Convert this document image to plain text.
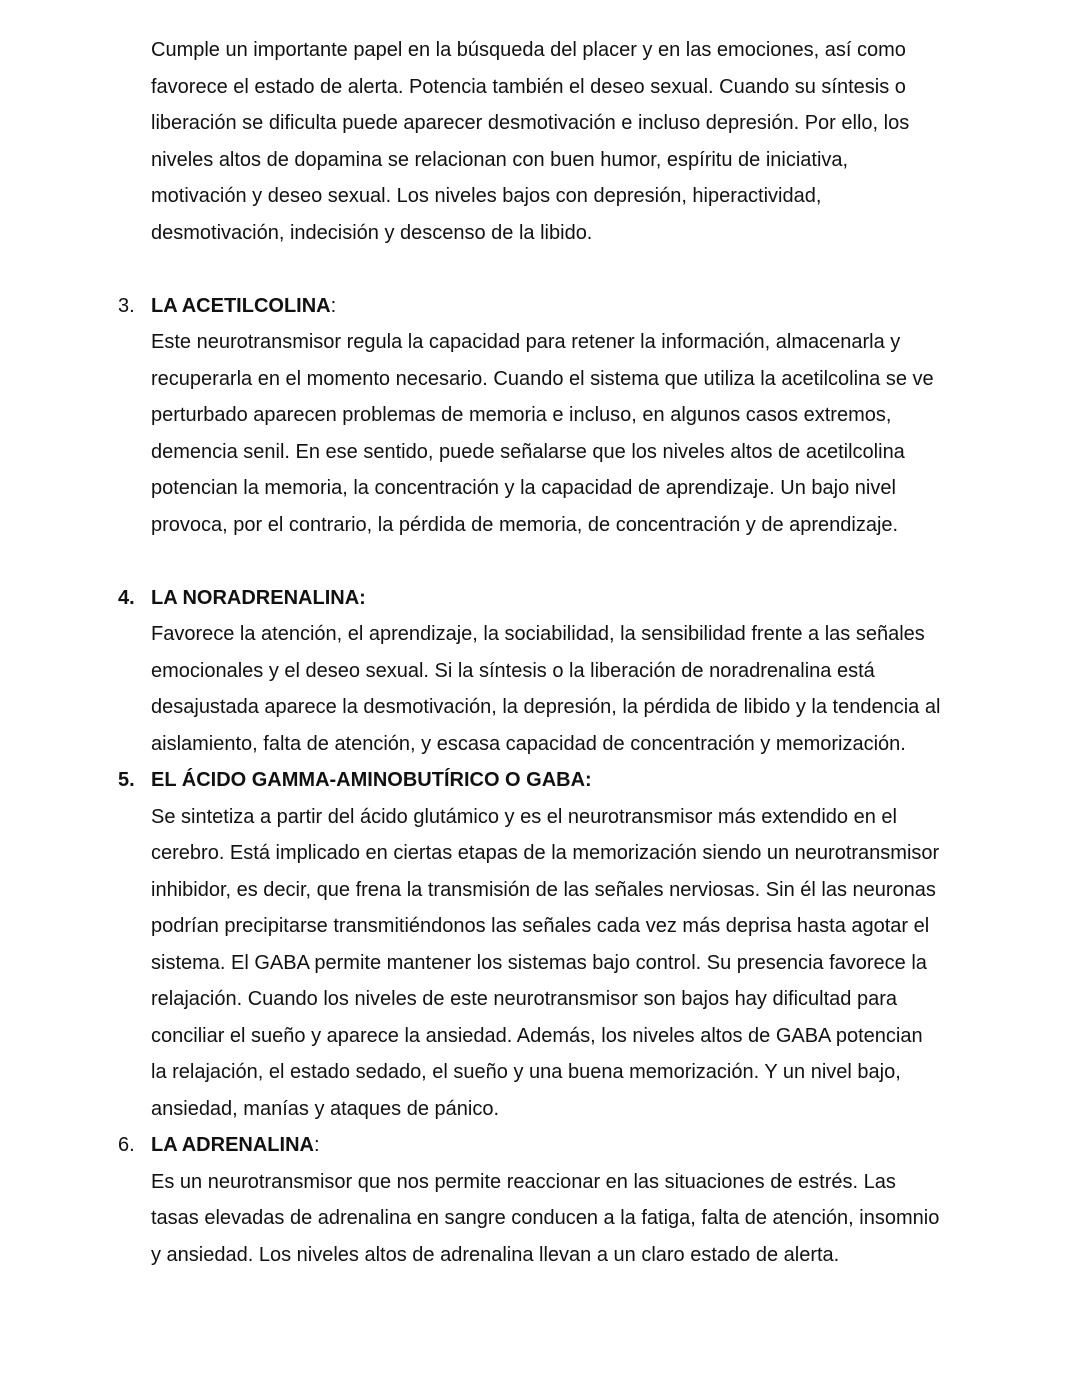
Cumple un importante papel en la búsqueda del placer y en las emociones, así como
favorece el estado de alerta. Potencia también el deseo sexual. Cuando su síntesis o
liberación se dificulta puede aparecer desmotivación e incluso depresión. Por ello, los
niveles altos de dopamina se relacionan con buen humor, espíritu de iniciativa,
motivación y deseo sexual. Los niveles bajos con depresión, hiperactividad,
desmotivación, indecisión y descenso de la libido.
3. LA ACETILCOLINA:
Este neurotransmisor regula la capacidad para retener la información, almacenarla y
recuperarla en el momento necesario. Cuando el sistema que utiliza la acetilcolina se ve
perturbado aparecen problemas de memoria e incluso, en algunos casos extremos,
demencia senil. En ese sentido, puede señalarse que los niveles altos de acetilcolina
potencian la memoria, la concentración y la capacidad de aprendizaje. Un bajo nivel
provoca, por el contrario, la pérdida de memoria, de concentración y de aprendizaje.
4. LA NORADRENALINA:
Favorece la atención, el aprendizaje, la sociabilidad, la sensibilidad frente a las señales
emocionales y el deseo sexual. Si la síntesis o la liberación de noradrenalina está
desajustada aparece la desmotivación, la depresión, la pérdida de libido y la tendencia al
aislamiento, falta de atención, y escasa capacidad de concentración y memorización.
5. EL ÁCIDO GAMMA-AMINOBUTÍRICO O GABA:
Se sintetiza a partir del ácido glutámico y es el neurotransmisor más extendido en el
cerebro. Está implicado en ciertas etapas de la memorización siendo un neurotransmisor
inhibidor, es decir, que frena la transmisión de las señales nerviosas. Sin él las neuronas
podrían precipitarse transmitiéndonos las señales cada vez más deprisa hasta agotar el
sistema. El GABA permite mantener los sistemas bajo control. Su presencia favorece la
relajación. Cuando los niveles de este neurotransmisor son bajos hay dificultad para
conciliar el sueño y aparece la ansiedad. Además, los niveles altos de GABA potencian
la relajación, el estado sedado, el sueño y una buena memorización. Y un nivel bajo,
ansiedad, manías y ataques de pánico.
6. LA ADRENALINA:
Es un neurotransmisor que nos permite reaccionar en las situaciones de estrés. Las
tasas elevadas de adrenalina en sangre conducen a la fatiga, falta de atención, insomnio
y ansiedad. Los niveles altos de adrenalina llevan a un claro estado de alerta.
